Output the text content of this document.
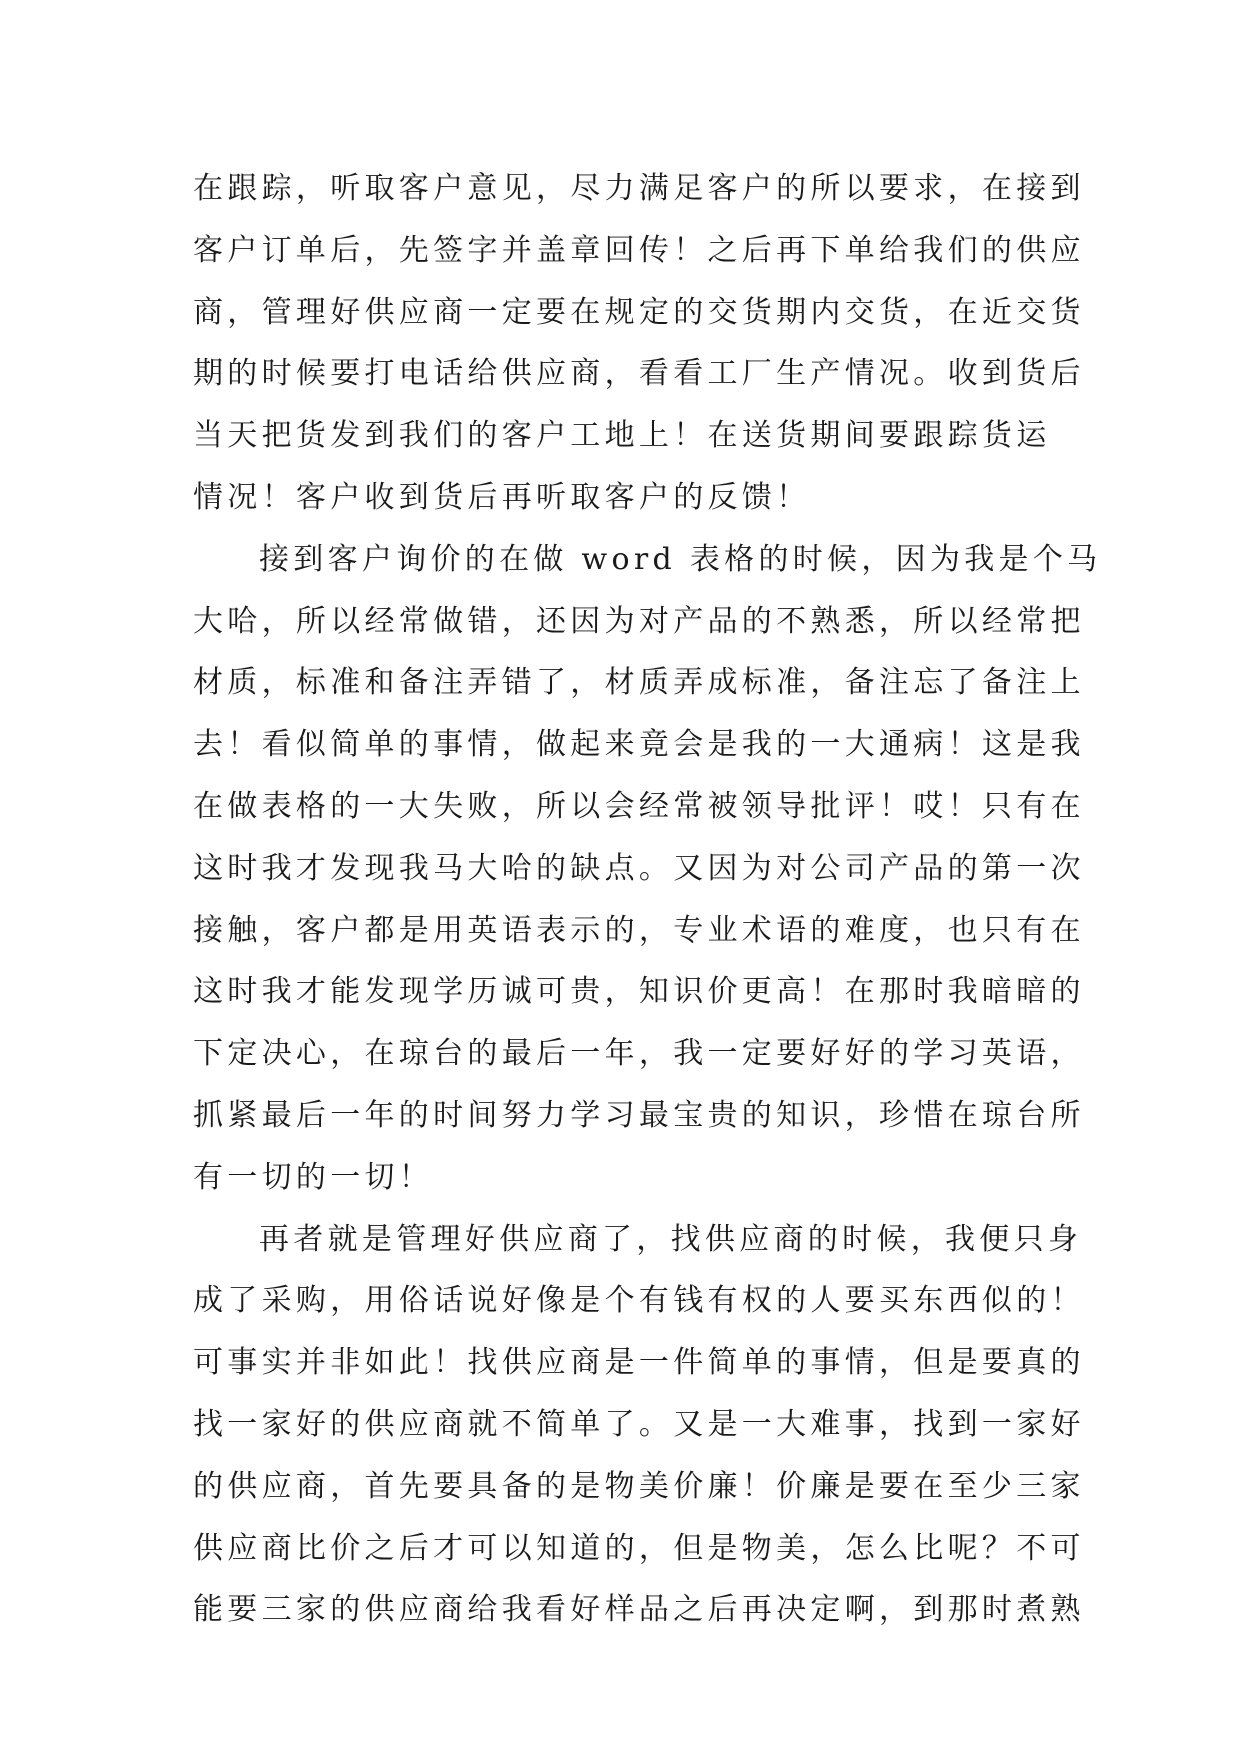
在跟踪，听取客户意见，尽力满足客户的所以要求，在接到
客户订单后，先签字并盖章回传！之后再下单给我们的供应
商，管理好供应商一定要在规定的交货期内交货，在近交货
期的时候要打电话给供应商，看看工厂生产情况。收到货后
当天把货发到我们的客户工地上！在送货期间要跟踪货运
情况！客户收到货后再听取客户的反馈！
接到客户询价的在做 word 表格的时候，因为我是个马
大哈，所以经常做错，还因为对产品的不熟悉，所以经常把
材质，标准和备注弄错了，材质弄成标准，备注忘了备注上
去！看似简单的事情，做起来竟会是我的一大通病！这是我
在做表格的一大失败，所以会经常被领导批评！哎！只有在
这时我才发现我马大哈的缺点。又因为对公司产品的第一次
接触，客户都是用英语表示的，专业术语的难度，也只有在
这时我才能发现学历诚可贵，知识价更高！在那时我暗暗的
下定决心，在琼台的最后一年，我一定要好好的学习英语，
抓紧最后一年的时间努力学习最宝贵的知识，珍惜在琼台所
有一切的一切！
再者就是管理好供应商了，找供应商的时候，我便只身
成了采购，用俗话说好像是个有钱有权的人要买东西似的！
可事实并非如此！找供应商是一件简单的事情，但是要真的
找一家好的供应商就不简单了。又是一大难事，找到一家好
的供应商，首先要具备的是物美价廉！价廉是要在至少三家
供应商比价之后才可以知道的，但是物美，怎么比呢？不可
能要三家的供应商给我看好样品之后再决定啊，到那时煮熟
